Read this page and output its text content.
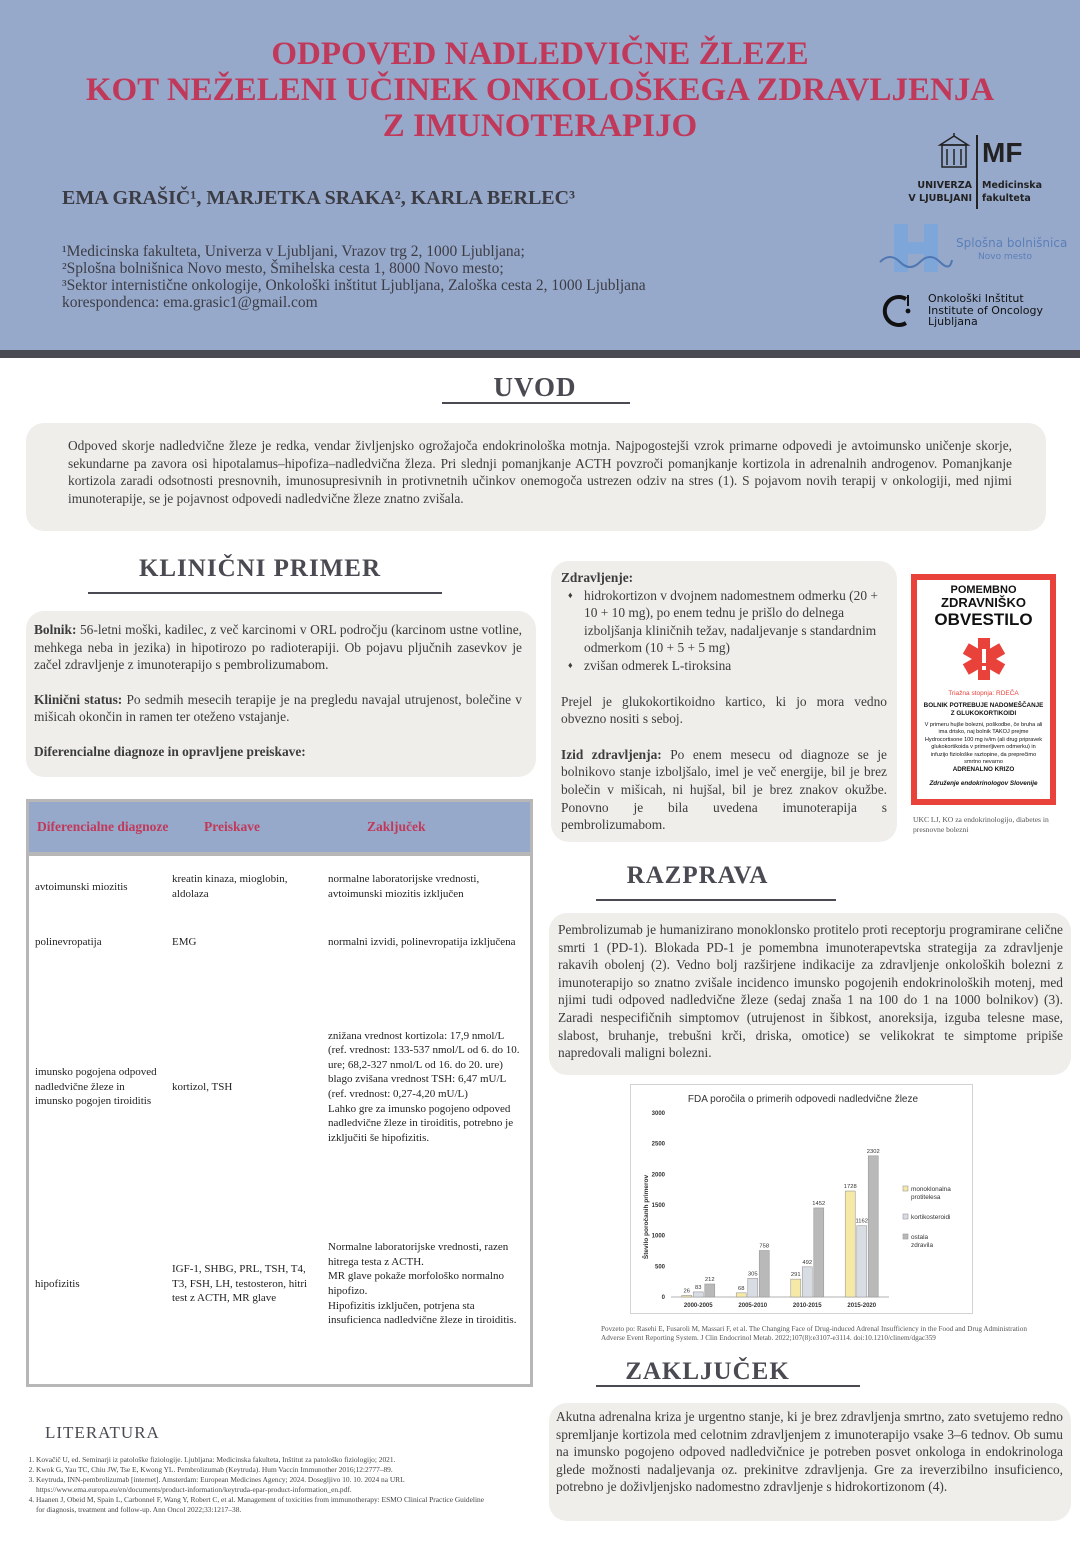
ODPOVED NADLEDVIČNE ŽLEZE
KOT NEŽELENI UČINEK ONKOLOŠKEGA ZDRAVLJENJA
Z IMUNOTERAPIJO
EMA GRAŠIČ¹, MARJETKA SRAKA², KARLA BERLEC³
¹Medicinska fakulteta, Univerza v Ljubljani, Vrazov trg 2, 1000 Ljubljana;
²Splošna bolnišnica Novo mesto, Šmihelska cesta 1, 8000 Novo mesto;
³Sektor internistične onkologije, Onkološki inštitut Ljubljana, Zaloška cesta 2, 1000 Ljubljana
korespondenca: ema.grasic1@gmail.com
MF
UNIVERZA
V LJUBLJANI
Medicinska
fakulteta
Splošna bolnišnica
Novo mesto
Onkološki Inštitut
Institute of Oncology
Ljubljana
UVOD
Odpoved skorje nadledvične žleze je redka, vendar življenjsko ogrožajoča endokrinološka motnja. Najpogostejši vzrok primarne odpovedi je avtoimunsko uničenje skorje, sekundarne pa zavora osi hipotalamus–hipofiza–nadledvična žleza. Pri slednji pomanjkanje ACTH povzroči pomanjkanje kortizola in adrenalnih androgenov. Pomanjkanje kortizola zaradi odsotnosti presnovnih, imunosupresivnih in protivnetnih učinkov onemogoča ustrezen odziv na stres (1). S pojavom novih terapij v onkologiji, med njimi imunoterapije, se je pojavnost odpovedi nadledvične žleze znatno zvišala.
KLINIČNI PRIMER
Bolnik: 56-letni moški, kadilec, z več karcinomi v ORL področju (karcinom ustne votline, mehkega neba in jezika) in hipotirozo po radioterapiji. Ob pojavu pljučnih zasevkov je začel zdravljenje z imunoterapijo s pembrolizumabom.
Klinični status: Po sedmih mesecih terapije je na pregledu navajal utrujenost, bolečine v mišicah okončin in ramen ter oteženo vstajanje.
Diferencialne diagnoze in opravljene preiskave:
Diferencialne diagnoze	Preiskave	Zaključek
avtoimunski miozitis	kreatin kinaza, mioglobin, aldolaza	normalne laboratorijske vrednosti, avtoimunski miozitis izključen
polinevropatija	EMG	normalni izvidi, polinevropatija izključena
imunsko pogojena odpoved nadledvične žleze in imunsko pogojen tiroiditis	kortizol, TSH	znižana vrednost kortizola: 17,9 nmol/L
(ref. vrednost: 133-537 nmol/L od 6. do 10. ure; 68,2-327 nmol/L od 16. do 20. ure)
blago zvišana vrednost TSH: 6,47 mU/L
(ref. vrednost: 0,27-4,20 mU/L)
Lahko gre za imunsko pogojeno odpoved nadledvične žleze in tiroiditis, potrebno je izključiti še hipofizitis.

hipofizitis	IGF-1, SHBG, PRL, TSH, T4, T3, FSH, LH, testosteron, hitri test z ACTH, MR glave	Normalne laboratorijske vrednosti, razen hitrega testa z ACTH.
MR glave pokaže morfološko normalno hipofizo.
Hipofizitis izključen, potrjena sta insuficienca nadledvične žleze in tiroiditis.
Zdravljenje:
♦ hidrokortizon v dvojnem nadomestnem odmerku (20 + 10 + 10 mg), po enem tednu je prišlo do delnega izboljšanja kliničnih težav, nadaljevanje s standardnim odmerkom (10 + 5 + 5 mg)
♦ zvišan odmerek L-tiroksina
Prejel je glukokortikoidno kartico, ki jo mora vedno obvezno nositi s seboj.
Izid zdravljenja: Po enem mesecu od diagnoze se je bolnikovo stanje izboljšalo, imel je več energije, bil je brez bolečin v mišicah, ni hujšal, bil je brez znakov okužbe. Ponovno je bila uvedena imunoterapija s pembrolizumabom.
POMEMBNO
ZDRAVNIŠKO
OBVESTILO
Triažna stopnja: RDEČA
BOLNIK POTREBUJE NADOMEŠČANJE Z GLUKOKORTIKOIDI
V primeru hujše bolezni, poškodbe, če bruha ali ima drisko, naj bolnik TAKOJ prejme Hydrocortisone 100 mg iv/im (ali drug pripravek glukokortikoida v primerljivem odmerku) in infuzijo fiziološke raztopine, da preprečimo smrtno nevarno
ADRENALNO KRIZO
Združenje endokrinologov Slovenije
UKC LJ, KO za endokrinologijo, diabetes in presnovne bolezni
RAZPRAVA
Pembrolizumab je humanizirano monoklonsko protitelo proti receptorju programirane celične smrti 1 (PD-1). Blokada PD-1 je pomembna imunoterapevtska strategija za zdravljenje rakavih obolenj (2). Vedno bolj razširjene indikacije za zdravljenje onkoloških bolezni z imunoterapijo so znatno zvišale incidenco imunsko pogojenih endokrinoloških motenj, med njimi tudi odpoved nadledvične žleze (sedaj znaša 1 na 100 do 1 na 1000 bolnikov) (3). Zaradi nespecifičnih simptomov (utrujenost in šibkost, anoreksija, izguba telesne mase, slabost, bruhanje, trebušni krči, driska, omotice) se velikokrat te simptome pripiše napredovali maligni bolezni.
FDA poročila o primerih odpovedi nadledvične žleze
Število poročanih primerov
0
500
1000
1500
2000
2500
3000
26
83
212
2000-2005
68
305
758
2005-2010
291
492
1452
2010-2015
1728
1162
2302
2015-2020
monoklonalna protitelesa
kortikosteroidi
ostala zdravila
Povzeto po: Rasehi E, Fusaroli M, Massari F, et al. The Changing Face of Drug-induced Adrenal Insufficiency in the Food and Drug Administration Adverse Event Reporting System. J Clin Endocrinol Metab. 2022;107(8):e3107-e3114. doi:10.1210/clinem/dgac359
ZAKLJUČEK
Akutna adrenalna kriza je urgentno stanje, ki je brez zdravljenja smrtno, zato svetujemo redno spremljanje kortizola med celotnim zdravljenjem z imunoterapijo vsake 3–6 tednov. Ob sumu na imunsko pogojeno odpoved nadledvičnice je potreben posvet onkologa in endokrinologa glede možnosti nadaljevanja oz. prekinitve zdravljenja. Gre za ireverzibilno insuficienco, potrebno je doživljenjsko nadomestno zdravljenje s hidrokortizonom (4).
LITERATURA
1. Kovačič U, ed. Seminarji iz patološke fiziologije. Ljubljana: Medicinska fakulteta, Inštitut za patološko fiziologijo; 2021.
2. Kwok G, Yau TC, Chiu JW, Tse E, Kwong YL. Pembrolizumab (Keytruda). Hum Vaccin Immunother 2016;12:2777–89.
3. Keytruda, INN-pembrolizumab [internet]. Amsterdam: European Medicines Agency; 2024. Dosegljivo 10. 10. 2024 na URL https://www.ema.europa.eu/en/documents/product-information/keytruda-epar-product-information_en.pdf.
4. Haanen J, Obeid M, Spain L, Carbonnel F, Wang Y, Robert C, et al. Management of toxicities from immunotherapy: ESMO Clinical Practice Guideline for diagnosis, treatment and follow-up. Ann Oncol 2022;33:1217–38.
